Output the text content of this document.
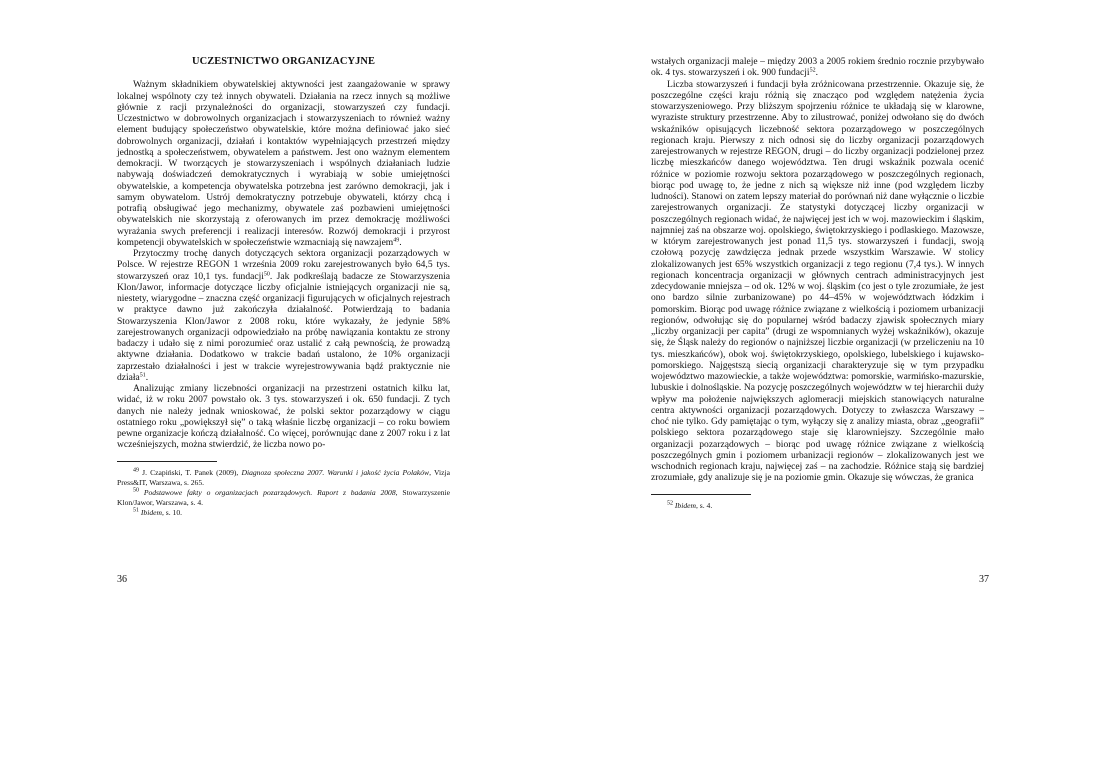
UCZESTNICTWO ORGANIZACYJNE

Ważnym składnikiem obywatelskiej aktywności jest zaangażowanie w sprawy lokalnej wspólnoty czy też innych obywateli. Działania na rzecz innych są możliwe głównie z racji przynależności do organizacji, stowarzyszeń czy fundacji. Uczestnictwo w dobrowolnych organizacjach i stowarzyszeniach to również ważny element budujący społeczeństwo obywatelskie, które można definiować jako sieć dobrowolnych organizacji, działań i kontaktów wypełniających przestrzeń między jednostką a społeczeństwem, obywatelem a państwem. Jest ono ważnym elementem demokracji. W tworzących je stowarzyszeniach i wspólnych działaniach ludzie nabywają doświadczeń demokratycznych i wyrabiają w sobie umiejętności obywatelskie, a kompetencja obywatelska potrzebna jest zarówno demokracji, jak i samym obywatelom. Ustrój demokratyczny potrzebuje obywateli, którzy chcą i potrafią obsługiwać jego mechanizmy, obywatele zaś pozbawieni umiejętności obywatelskich nie skorzystają z oferowanych im przez demokrację możliwości wyrażania swych preferencji i realizacji interesów. Rozwój demokracji i przyrost kompetencji obywatelskich w społeczeństwie wzmacniają się nawzajem$^{49}$.

Przytoczmy trochę danych dotyczących sektora organizacji pozarządowych w Polsce. W rejestrze REGON 1 września 2009 roku zarejestrowanych było 64,5 tys. stowarzyszeń oraz 10,1 tys. fundacji$^{50}$. Jak podkreślają badacze ze Stowarzyszenia Klon/Jawor, informacje dotyczące liczby oficjalnie istniejących organizacji nie są, niestety, wiarygodne – znaczna część organizacji figurujących w oficjalnych rejestrach w praktyce dawno już zakończyła działalność. Potwierdzają to badania Stowarzyszenia Klon/Jawor z 2008 roku, które wykazały, że jedynie 58% zarejestrowanych organizacji odpowiedziało na próbę nawiązania kontaktu ze strony badaczy i udało się z nimi porozumieć oraz ustalić z całą pewnością, że prowadzą aktywne działania. Dodatkowo w trakcie badań ustalono, że 10% organizacji zaprzestało działalności i jest w trakcie wyrejestrowywania bądź praktycznie nie działa$^{51}$.

Analizując zmiany liczebności organizacji na przestrzeni ostatnich kilku lat, widać, iż w roku 2007 powstało ok. 3 tys. stowarzyszeń i ok. 650 fundacji. Z tych danych nie należy jednak wnioskować, że polski sektor pozarządowy w ciągu ostatniego roku „powiększył się” o taką właśnie liczbę organizacji – co roku bowiem pewne organizacje kończą działalność. Co więcej, porównując dane z 2007 roku i z lat wcześniejszych, można stwierdzić, że liczba nowo po-

$^{49}$ J. Czapiński, T. Panek (2009), Diagnoza społeczna 2007. Warunki i jakość życia Polaków, Vizja Press&IT, Warszawa, s. 265.

$^{50}$ Podstawowe fakty o organizacjach pozarządowych. Raport z badania 2008, Stowarzyszenie Klon/Jawor, Warszawa, s. 4.

$^{51}$ Ibidem, s. 10.

36

wstałych organizacji maleje – między 2003 a 2005 rokiem średnio rocznie przybywało ok. 4 tys. stowarzyszeń i ok. 900 fundacji$^{52}$.

Liczba stowarzyszeń i fundacji była zróżnicowana przestrzennie. Okazuje się, że poszczególne części kraju różnią się znacząco pod względem natężenia życia stowarzyszeniowego. Przy bliższym spojrzeniu różnice te układają się w klarowne, wyraziste struktury przestrzenne. Aby to zilustrować, poniżej odwołano się do dwóch wskaźników opisujących liczebność sektora pozarządowego w poszczególnych regionach kraju. Pierwszy z nich odnosi się do liczby organizacji pozarządowych zarejestrowanych w rejestrze REGON, drugi – do liczby organizacji podzielonej przez liczbę mieszkańców danego województwa. Ten drugi wskaźnik pozwala ocenić różnice w poziomie rozwoju sektora pozarządowego w poszczególnych regionach, biorąc pod uwagę to, że jedne z nich są większe niż inne (pod względem liczby ludności). Stanowi on zatem lepszy materiał do porównań niż dane wyłącznie o liczbie zarejestrowanych organizacji. Ze statystyki dotyczącej liczby organizacji w poszczególnych regionach widać, że najwięcej jest ich w woj. mazowieckim i śląskim, najmniej zaś na obszarze woj. opolskiego, świętokrzyskiego i podlaskiego. Mazowsze, w którym zarejestrowanych jest ponad 11,5 tys. stowarzyszeń i fundacji, swoją czołową pozycję zawdzięcza jednak przede wszystkim Warszawie. W stolicy zlokalizowanych jest 65% wszystkich organizacji z tego regionu (7,4 tys.). W innych regionach koncentracja organizacji w głównych centrach administracyjnych jest zdecydowanie mniejsza – od ok. 12% w woj. śląskim (co jest o tyle zrozumiałe, że jest ono bardzo silnie zurbanizowane) po 44–45% w województwach łódzkim i pomorskim. Biorąc pod uwagę różnice związane z wielkością i poziomem urbanizacji regionów, odwołując się do popularnej wśród badaczy zjawisk społecznych miary „liczby organizacji per capita” (drugi ze wspomnianych wyżej wskaźników), okazuje się, że Śląsk należy do regionów o najniższej liczbie organizacji (w przeliczeniu na 10 tys. mieszkańców), obok woj. świętokrzyskiego, opolskiego, lubelskiego i kujawsko-pomorskiego. Najgęstszą siecią organizacji charakteryzuje się w tym przypadku województwo mazowieckie, a także województwa: pomorskie, warmińsko-mazurskie, lubuskie i dolnośląskie. Na pozycję poszczególnych województw w tej hierarchii duży wpływ ma położenie największych aglomeracji miejskich stanowiących naturalne centra aktywności organizacji pozarządowych. Dotyczy to zwłaszcza Warszawy – choć nie tylko. Gdy pamiętając o tym, wyłączy się z analizy miasta, obraz „geografii” polskiego sektora pozarządowego staje się klarowniejszy. Szczególnie mało organizacji pozarządowych – biorąc pod uwagę różnice związane z wielkością poszczególnych gmin i poziomem urbanizacji regionów – zlokalizowanych jest we wschodnich regionach kraju, najwięcej zaś – na zachodzie. Różnice stają się bardziej zrozumiałe, gdy analizuje się je na poziomie gmin. Okazuje się wówczas, że granica

$^{52}$ Ibidem, s. 4.

37
